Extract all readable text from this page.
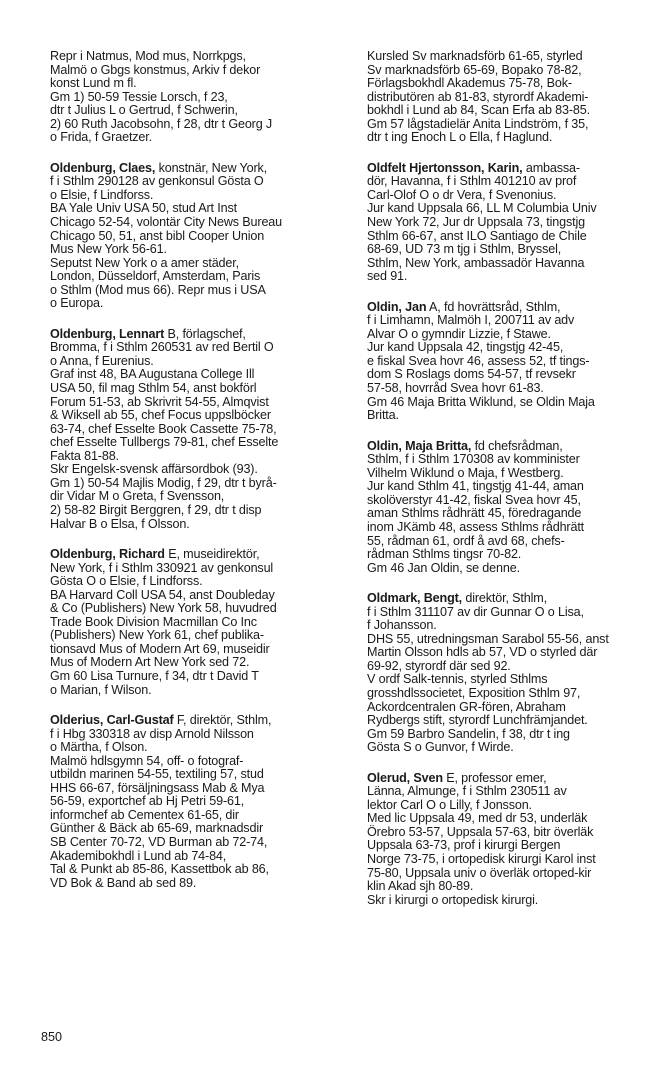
Repr i Natmus, Mod mus, Norrkpgs,
Malmö o Gbgs konstmus, Arkiv f dekor
konst Lund m fl.
Gm 1) 50-59 Tessie Lorsch, f 23,
dtr t Julius L o Gertrud, f Schwerin,
2) 60 Ruth Jacobsohn, f 28, dtr t Georg J
o Frida, f Graetzer.
Oldenburg, Claes, konstnär, New York,
f i Sthlm 290128 av genkonsul Gösta O
o Elsie, f Lindforss.
BA Yale Univ USA 50, stud Art Inst
Chicago 52-54, volontär City News Bureau
Chicago 50, 51, anst bibl Cooper Union
Mus New York 56-61.
Seputst New York o a amer städer,
London, Düsseldorf, Amsterdam, Paris
o Sthlm (Mod mus 66). Repr mus i USA
o Europa.
Oldenburg, Lennart B, förlagschef,
Bromma, f i Sthlm 260531 av red Bertil O
o Anna, f Eurenius.
Graf inst 48, BA Augustana College Ill
USA 50, fil mag Sthlm 54, anst bokförl
Forum 51-53, ab Skrivrit 54-55, Almqvist
& Wiksell ab 55, chef Focus uppslböcker
63-74, chef Esselte Book Cassette 75-78,
chef Esselte Tullbergs 79-81, chef Esselte
Fakta 81-88.
Skr Engelsk-svensk affärsordbok (93).
Gm 1) 50-54 Majlis Modig, f 29, dtr t byrå-
dir Vidar M o Greta, f Svensson,
2) 58-82 Birgit Berggren, f 29, dtr t disp
Halvar B o Elsa, f Olsson.
Oldenburg, Richard E, museidirektör,
New York, f i Sthlm 330921 av genkonsul
Gösta O o Elsie, f Lindforss.
BA Harvard Coll USA 54, anst Doubleday
& Co (Publishers) New York 58, huvudred
Trade Book Division Macmillan Co Inc
(Publishers) New York 61, chef publika-
tionsavd Mus of Modern Art 69, museidir
Mus of Modern Art New York sed 72.
Gm 60 Lisa Turnure, f 34, dtr t David T
o Marian, f Wilson.
Olderius, Carl-Gustaf F, direktör, Sthlm,
f i Hbg 330318 av disp Arnold Nilsson
o Märtha, f Olson.
Malmö hdlsgymn 54, off- o fotograf-
utbildn marinen 54-55, textiling 57, stud
HHS 66-67, försäljningsass Mab & Mya
56-59, exportchef ab Hj Petri 59-61,
informchef ab Cementex 61-65, dir
Günther & Bäck ab 65-69, marknadsdir
SB Center 70-72, VD Burman ab 72-74,
Akademibokhdl i Lund ab 74-84,
Tal & Punkt ab 85-86, Kassettbok ab 86,
VD Bok & Band ab sed 89.
Kursled Sv marknadsförb 61-65, styrled
Sv marknadsförb 65-69, Bopako 78-82,
Förlagsbokhdl Akademus 75-78, Bok-
distributören ab 81-83, styrordf Akademi-
bokhdl i Lund ab 84, Scan Erfa ab 83-85.
Gm 57 lågstadielär Anita Lindström, f 35,
dtr t ing Enoch L o Ella, f Haglund.
Oldfelt Hjertonsson, Karin, ambassa-
dör, Havanna, f i Sthlm 401210 av prof
Carl-Olof O o dr Vera, f Svenonius.
Jur kand Uppsala 66, LL M Columbia Univ
New York 72, Jur dr Uppsala 73, tingstjg
Sthlm 66-67, anst ILO Santiago de Chile
68-69, UD 73 m tjg i Sthlm, Bryssel,
Sthlm, New York, ambassadör Havanna
sed 91.
Oldin, Jan A, fd hovrättsråd, Sthlm,
f i Limhamn, Malmöh I, 200711 av adv
Alvar O o gymndir Lizzie, f Stawe.
Jur kand Uppsala 42, tingstjg 42-45,
e fiskal Svea hovr 46, assess 52, tf tings-
dom S Roslags doms 54-57, tf revsekr
57-58, hovrråd Svea hovr 61-83.
Gm 46 Maja Britta Wiklund, se Oldin Maja
Britta.
Oldin, Maja Britta, fd chefsrådman,
Sthlm, f i Sthlm 170308 av komminister
Vilhelm Wiklund o Maja, f Westberg.
Jur kand Sthlm 41, tingstjg 41-44, aman
skolöverstyr 41-42, fiskal Svea hovr 45,
aman Sthlms rådhrätt 45, föredragande
inom JKämb 48, assess Sthlms rådhrätt
55, rådman 61, ordf å avd 68, chefs-
rådman Sthlms tingsr 70-82.
Gm 46 Jan Oldin, se denne.
Oldmark, Bengt, direktör, Sthlm,
f i Sthlm 311107 av dir Gunnar O o Lisa,
f Johansson.
DHS 55, utredningsman Sarabol 55-56, anst
Martin Olsson hdls ab 57, VD o styrled där
69-92, styrordf där sed 92.
V ordf Salk-tennis, styrled Sthlms
grosshdlssocietet, Exposition Sthlm 97,
Ackordcentralen GR-fören, Abraham
Rydbergs stift, styrordf Lunchfrämjandet.
Gm 59 Barbro Sandelin, f 38, dtr t ing
Gösta S o Gunvor, f Wirde.
Olerud, Sven E, professor emer,
Länna, Almunge, f i Sthlm 230511 av
lektor Carl O o Lilly, f Jonsson.
Med lic Uppsala 49, med dr 53, underläk
Örebro 53-57, Uppsala 57-63, bitr överläk
Uppsala 63-73, prof i kirurgi Bergen
Norge 73-75, i ortopedisk kirurgi Karol inst
75-80, Uppsala univ o överläk ortoped-kir
klin Akad sjh 80-89.
Skr i kirurgi o ortopedisk kirurgi.
850
